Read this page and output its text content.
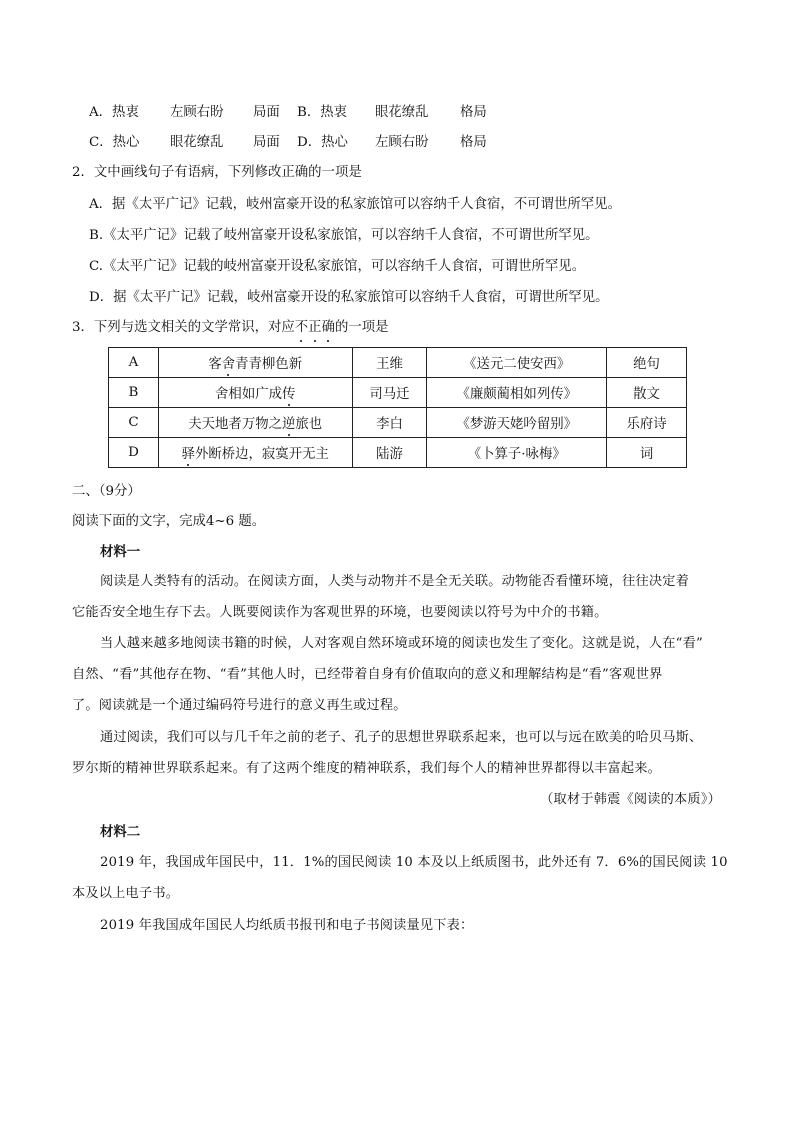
A．热衷 左顾右盼 局面 B．热衷 眼花缭乱 格局
C．热心 眼花缭乱 局面 D．热心 左顾右盼 格局
2．文中画线句子有语病，下列修改正确的一项是
A．据《太平广记》记载，岐州富豪开设的私家旅馆可以容纳千人食宿，不可谓世所罕见。
B.《太平广记》记载了岐州富豪开设私家旅馆，可以容纳千人食宿，不可谓世所罕见。
C.《太平广记》记载的岐州富豪开设私家旅馆，可以容纳千人食宿，可谓世所罕见。
D．据《太平广记》记载，岐州富豪开设的私家旅馆可以容纳千人食宿，可谓世所罕见。
3．下列与选文相关的文学常识，对应不正确的一项是
A	客舍青青柳色新	王维	《送元二使安西》	绝句
B	舍相如广成传	司马迁	《廉颇蔺相如列传》	散文
C	夫天地者万物之逆旅也	李白	《梦游天姥吟留别》	乐府诗
D	驿外断桥边，寂寞开无主	陆游	《卜算子·咏梅》	词
二、（9分）
阅读下面的文字，完成4~6 题。
材料一
阅读是人类特有的活动。在阅读方面，人类与动物并不是全无关联。动物能否看懂环境，往往决定着
它能否安全地生存下去。人既要阅读作为客观世界的环境，也要阅读以符号为中介的书籍。
当人越来越多地阅读书籍的时候，人对客观自然环境或环境的阅读也发生了变化。这就是说，人在“看”
自然、“看”其他存在物、“看”其他人时，已经带着自身有价值取向的意义和理解结构是“看”客观世界
了。阅读就是一个通过编码符号进行的意义再生或过程。
通过阅读，我们可以与几千年之前的老子、孔子的思想世界联系起来，也可以与远在欧美的哈贝马斯、
罗尔斯的精神世界联系起来。有了这两个维度的精神联系，我们每个人的精神世界都得以丰富起来。
（取材于韩震《阅读的本质》）
材料二
2019 年，我国成年国民中，11．1%的国民阅读 10 本及以上纸质图书，此外还有 7．6%的国民阅读 10
本及以上电子书。
2019 年我国成年国民人均纸质书报刊和电子书阅读量见下表：
